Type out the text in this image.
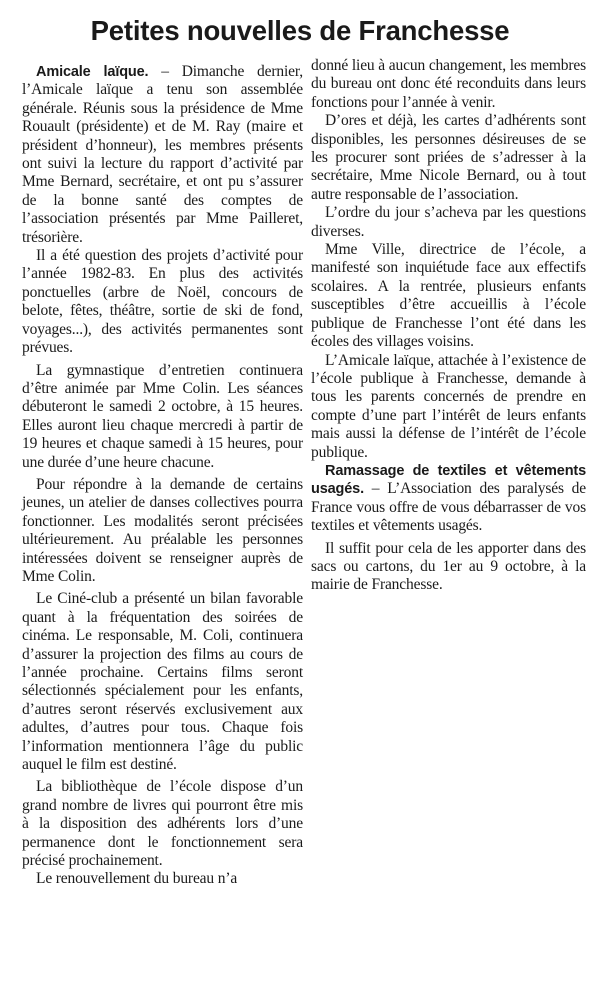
Petites nouvelles de Franchesse

Amicale laïque. – Dimanche dernier, l’Amicale laïque a tenu son assemblée générale. Réunis sous la présidence de Mme Rouault (présidente) et de M. Ray (maire et président d’honneur), les membres présents ont suivi la lecture du rapport d’activité par Mme Bernard, secrétaire, et ont pu s’assurer de la bonne santé des comptes de l’association présentés par Mme Pailleret, trésorière.

Il a été question des projets d’activité pour l’année 1982-83. En plus des activités ponctuelles (arbre de Noël, concours de belote, fêtes, théâtre, sortie de ski de fond, voyages...), des activités permanentes sont prévues.

La gymnastique d’entretien continuera d’être animée par Mme Colin. Les séances débuteront le samedi 2 octobre, à 15 heures. Elles auront lieu chaque mercredi à partir de 19 heures et chaque samedi à 15 heures, pour une durée d’une heure chacune.

Pour répondre à la demande de certains jeunes, un atelier de danses collectives pourra fonctionner. Les modalités seront précisées ultérieurement. Au préalable les personnes intéressées doivent se renseigner auprès de Mme Colin.

Le Ciné-club a présenté un bilan favorable quant à la fréquentation des soirées de cinéma. Le responsable, M. Coli, continuera d’assurer la projection des films au cours de l’année prochaine. Certains films seront sélectionnés spécialement pour les enfants, d’autres seront réservés exclusivement aux adultes, d’autres pour tous. Chaque fois l’information mentionnera l’âge du public auquel le film est destiné.

La bibliothèque de l’école dispose d’un grand nombre de livres qui pourront être mis à la disposition des adhérents lors d’une permanence dont le fonctionnement sera précisé prochainement.

Le renouvellement du bureau n’a

donné lieu à aucun changement, les membres du bureau ont donc été reconduits dans leurs fonctions pour l’année à venir.

D’ores et déjà, les cartes d’adhérents sont disponibles, les personnes désireuses de se les procurer sont priées de s’adresser à la secrétaire, Mme Nicole Bernard, ou à tout autre responsable de l’association.

L’ordre du jour s’acheva par les questions diverses.

Mme Ville, directrice de l’école, a manifesté son inquiétude face aux effectifs scolaires. A la rentrée, plusieurs enfants susceptibles d’être accueillis à l’école publique de Franchesse l’ont été dans les écoles des villages voisins.

L’Amicale laïque, attachée à l’existence de l’école publique à Franchesse, demande à tous les parents concernés de prendre en compte d’une part l’intérêt de leurs enfants mais aussi la défense de l’intérêt de l’école publique.

Ramassage de textiles et vêtements usagés. – L’Association des paralysés de France vous offre de vous débarrasser de vos textiles et vêtements usagés.

Il suffit pour cela de les apporter dans des sacs ou cartons, du 1er au 9 octobre, à la mairie de Franchesse.
